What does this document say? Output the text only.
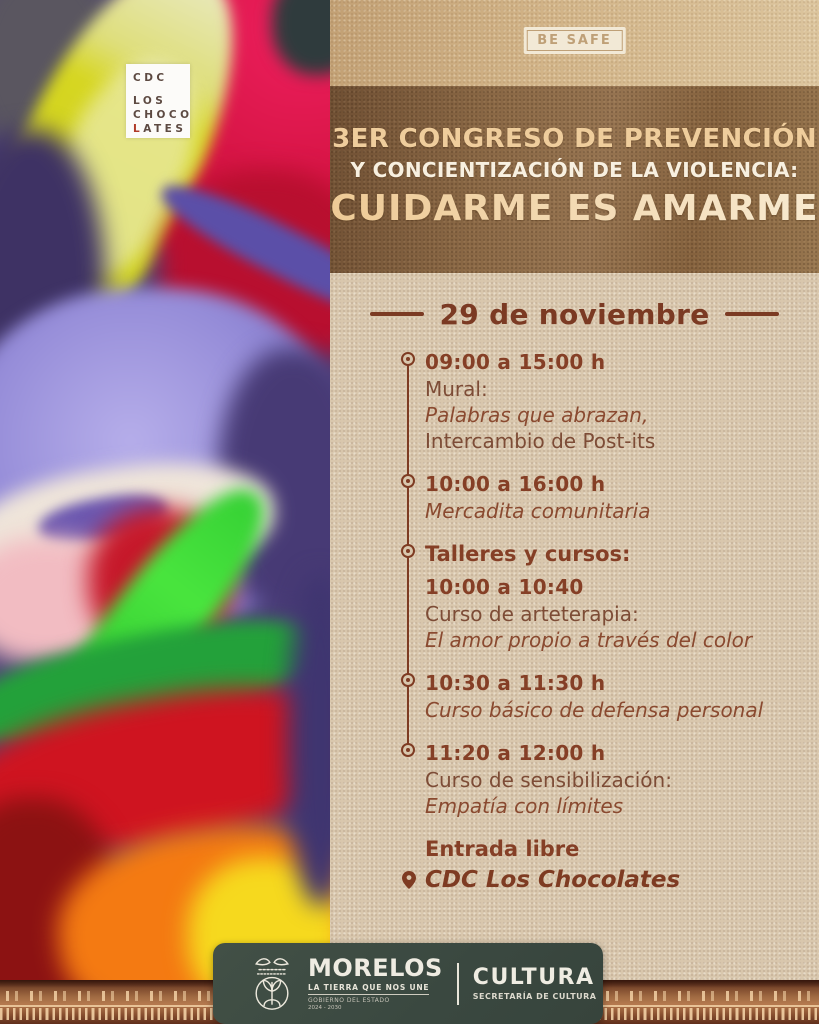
CDC
LOS
CHOCO
LATES
BE SAFE
3ER CONGRESO DE PREVENCIÓN
Y CONCIENTIZACIÓN DE LA VIOLENCIA:
CUIDARME ES AMARME
29 de noviembre
09:00 a 15:00 h
Mural:
Palabras que abrazan,
Intercambio de Post-its
10:00 a 16:00 h
Mercadita comunitaria
Talleres y cursos:
10:00 a 10:40
Curso de arteterapia:
El amor propio a través del color
10:30 a 11:30 h
Curso básico de defensa personal
11:20 a 12:00 h
Curso de sensibilización:
Empatía con límites
Entrada libre
CDC Los Chocolates
MORELOS
LA TIERRA QUE NOS UNE
GOBIERNO DEL ESTADO
2024 - 2030
CULTURA
SECRETARÍA DE CULTURA
